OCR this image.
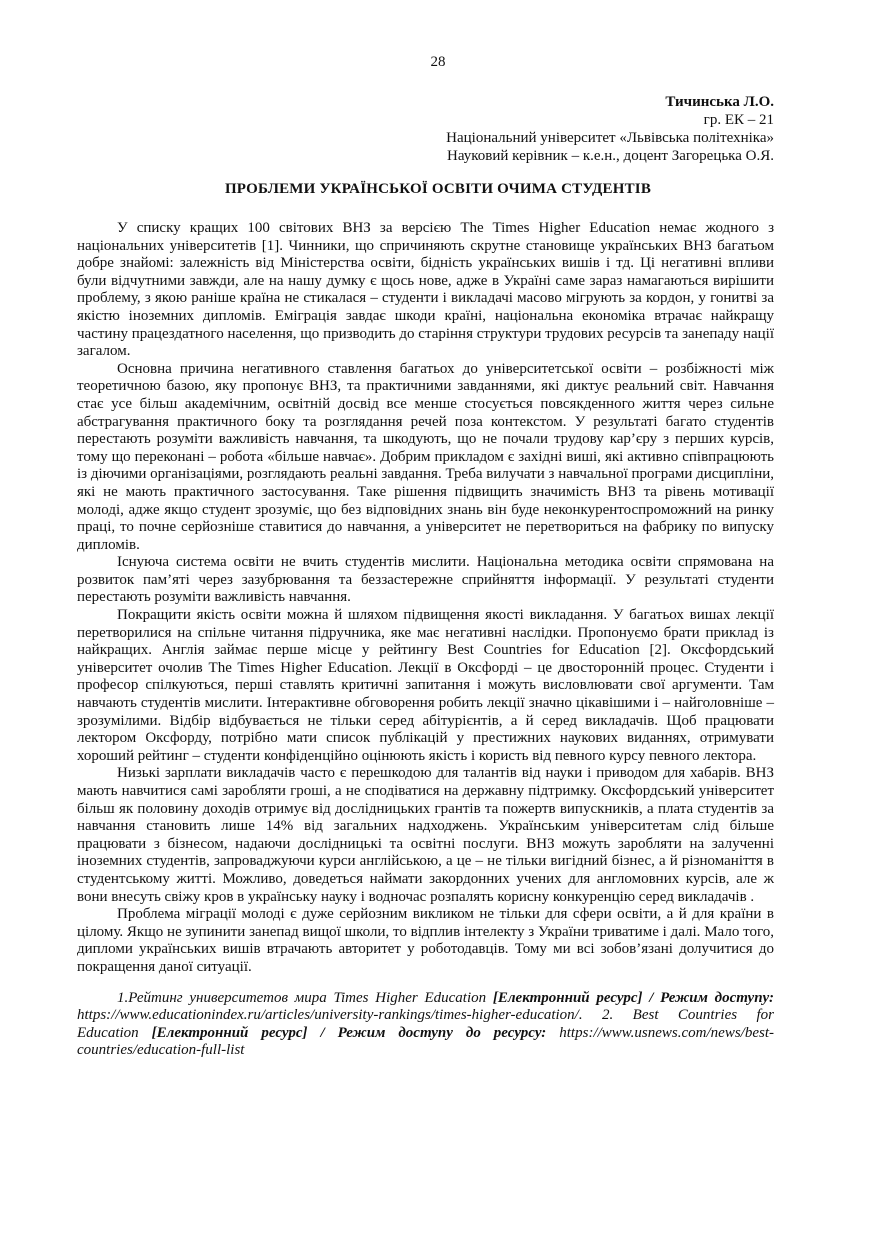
28
Тичинська Л.О.
гр. ЕК – 21
Національний університет «Львівська політехніка»
Науковий керівник – к.е.н., доцент Загорецька О.Я.
ПРОБЛЕМИ УКРАЇНСЬКОЇ ОСВІТИ ОЧИМА СТУДЕНТІВ

У списку кращих 100 світових ВНЗ за версією The Times Higher Education немає жодного з національних університетів [1]. Чинники, що спричиняють скрутне становище українських ВНЗ багатьом добре знайомі: залежність від Міністерства освіти, бідність українських вишів і тд. Ці негативні впливи були відчутними завжди, але на нашу думку є щось нове, адже в Україні саме зараз намагаються вирішити проблему, з якою раніше країна не стикалася – студенти і викладачі масово мігрують за кордон, у гонитві за якістю іноземних дипломів. Еміграція завдає шкоди країні, національна економіка втрачає найкращу частину працездатного населення, що призводить до старіння структури трудових ресурсів та занепаду нації загалом.

Основна причина негативного ставлення багатьох до університетської освіти – розбіжності між теоретичною базою, яку пропонує ВНЗ, та практичними завданнями, які диктує реальний світ. Навчання стає усе більш академічним, освітній досвід все менше стосується повсякденного життя через сильне абстрагування практичного боку та розглядання речей поза контекстом. У результаті багато студентів перестають розуміти важливість навчання, та шкодують, що не почали трудову кар’єру з перших курсів, тому що переконані – робота «більше навчає». Добрим прикладом є західні виші, які активно співпрацюють із діючими організаціями, розглядають реальні завдання. Треба вилучати з навчальної програми дисципліни, які не мають практичного застосування. Таке рішення підвищить значимість ВНЗ та рівень мотивації молоді, адже якщо студент зрозуміє, що без відповідних знань він буде неконкурентоспроможний на ринку праці, то почне серйозніше ставитися до навчання, а університет не перетвориться на фабрику по випуску дипломів.

Існуюча система освіти не вчить студентів мислити. Національна методика освіти спрямована на розвиток пам’яті через зазубрювання та беззастережне сприйняття інформації. У результаті студенти перестають розуміти важливість навчання.

Покращити якість освіти можна й шляхом підвищення якості викладання. У багатьох вишах лекції перетворилися на спільне читання підручника, яке має негативні наслідки. Пропонуємо брати приклад із найкращих. Англія займає перше місце у рейтингу Best Countries for Education [2]. Оксфордський університет очолив The Times Higher Education. Лекції в Оксфорді – це двосторонній процес. Студенти і професор спілкуються, перші ставлять критичні запитання і можуть висловлювати свої аргументи. Там навчають студентів мислити. Інтерактивне обговорення робить лекції значно цікавішими і – найголовніше – зрозумілими. Відбір відбувається не тільки серед абітурієнтів, а й серед викладачів. Щоб працювати лектором Оксфорду, потрібно мати список публікацій у престижних наукових виданнях, отримувати хороший рейтинг – студенти конфіденційно оцінюють якість і користь від певного курсу певного лектора.

Низькі зарплати викладачів часто є перешкодою для талантів від науки і приводом для хабарів. ВНЗ мають навчитися самі заробляти гроші, а не сподіватися на державну підтримку. Оксфордський університет більш як половину доходів отримує від дослідницьких грантів та пожертв випускників, а плата студентів за навчання становить лише 14% від загальних надходжень. Українським університетам слід більше працювати з бізнесом, надаючи дослідницькі та освітні послуги. ВНЗ можуть заробляти на залученні іноземних студентів, запроваджуючи курси англійською, а це – не тільки вигідний бізнес, а й різноманіття в студентському житті. Можливо, доведеться наймати закордонних учених для англомовних курсів, але ж вони внесуть свіжу кров в українську науку і водночас розпалять корисну конкуренцію серед викладачів .

Проблема міграції молоді є дуже серйозним викликом не тільки для сфери освіти, а й для країни в цілому. Якщо не зупинити занепад вищої школи, то відплив інтелекту з України триватиме і далі. Мало того, дипломи українських вишів втрачають авторитет у роботодавців. Тому ми всі зобов’язані долучитися до покращення даної ситуації.

1.Рейтинг университетов мира Times Higher Education [Електронний ресурс] / Режим доступу: https://www.educationindex.ru/articles/university-rankings/times-higher-education/. 2. Best Countries for Education [Електронний ресурс] / Режим доступу до ресурсу: https://www.usnews.com/news/best-countries/education-full-list
